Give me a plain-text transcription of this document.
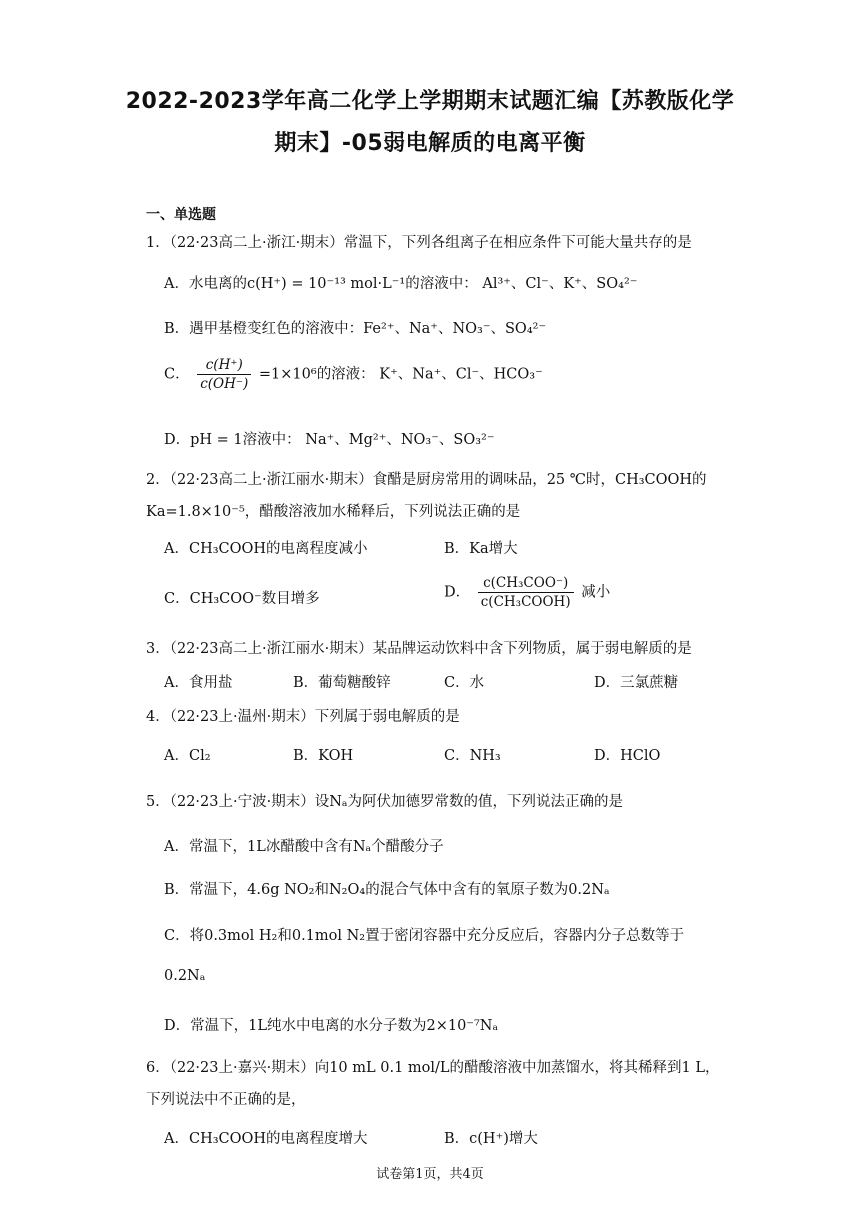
2022-2023学年高二化学上学期期末试题汇编【苏教版化学
期末】-05弱电解质的电离平衡
一、单选题
1．（22·23高二上·浙江·期末）常温下，下列各组离子在相应条件下可能大量共存的是
A．水电离的c(H⁺) = 10⁻¹³ mol·L⁻¹的溶液中： Al³⁺、Cl⁻、K⁺、SO₄²⁻
B．遇甲基橙变红色的溶液中：Fe²⁺、Na⁺、NO₃⁻、SO₄²⁻
C． $\frac{c(H^+)}{c(OH^-)} =1\times 10^6$的溶液： K⁺、Na⁺、Cl⁻、HCO₃⁻
D．pH = 1溶液中： Na⁺、Mg²⁺、NO₃⁻、SO₃²⁻
2．（22·23高二上·浙江丽水·期末）食醋是厨房常用的调味品，25 ℃时，CH₃COOH的
Ka=1.8×10⁻⁵，醋酸溶液加水稀释后，下列说法正确的是
A．CH₃COOH的电离程度减小	B．Ka增大
C．CH₃COO⁻数目增多	D． $\frac{\text{c(CH₃COO⁻)}}{\text{c(CH₃COOH)}}$ 减小
3．（22·23高二上·浙江丽水·期末）某品牌运动饮料中含下列物质，属于弱电解质的是
A．食用盐	B．葡萄糖酸锌	C．水	D．三氯蔗糖
4．（22·23上·温州·期末）下列属于弱电解质的是
A．Cl₂	B．KOH	C．NH₃	D．HClO
5．（22·23上·宁波·期末）设Nₐ为阿伏加德罗常数的值，下列说法正确的是
A．常温下，1L冰醋酸中含有Nₐ个醋酸分子
B．常温下，4.6g NO₂和N₂O₄的混合气体中含有的氧原子数为0.2Nₐ
C．将0.3mol H₂和0.1mol N₂置于密闭容器中充分反应后，容器内分子总数等于
0.2Nₐ
D．常温下，1L纯水中电离的水分子数为2×10⁻⁷Nₐ
6．（22·23上·嘉兴·期末）向10 mL 0.1 mol/L的醋酸溶液中加蒸馏水，将其稀释到1 L，
下列说法中不正确的是，
A．CH₃COOH的电离程度增大	B．c(H⁺)增大
试卷第1页，共4页
